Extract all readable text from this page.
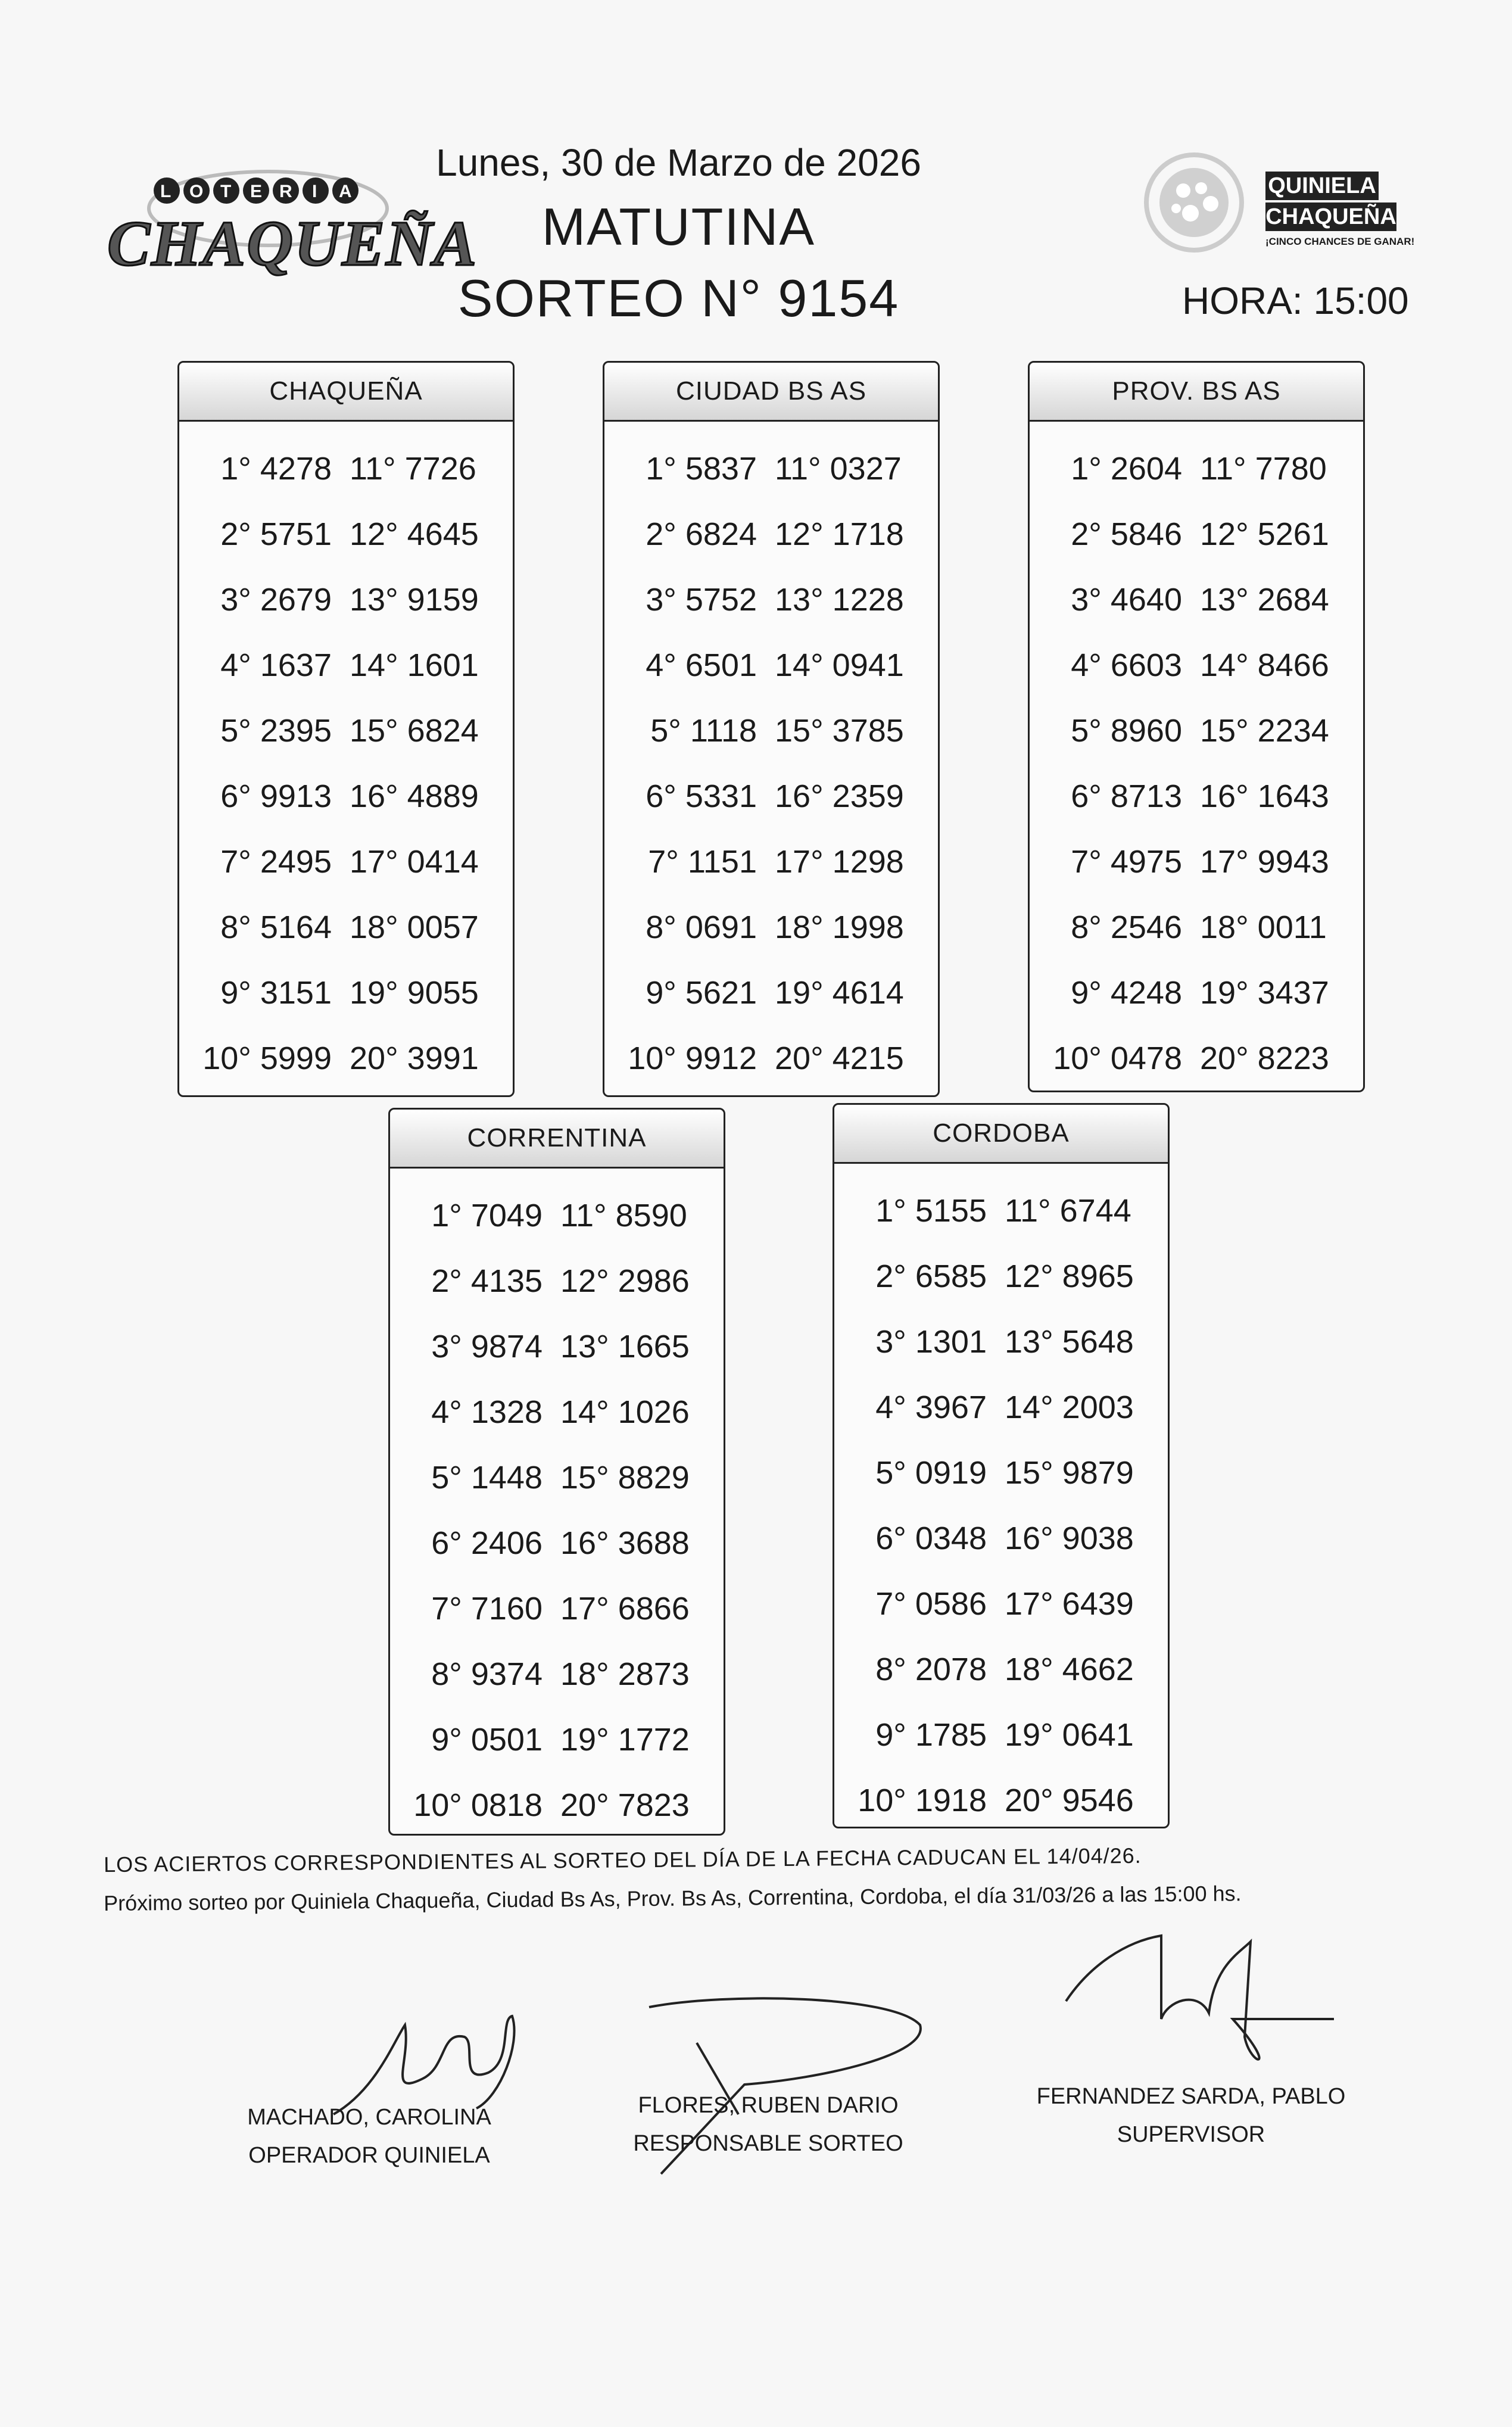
L O T E R I A
CHAQUEÑA
Lunes, 30 de Marzo de 2026
MATUTINA
SORTEO N° 9154	HORA: 15:00
QUINIELA
CHAQUEÑA
¡CINCO CHANCES DE GANAR!
CHAQUEÑA
1° 4278 11° 7726
2° 5751 12° 4645
3° 2679 13° 9159
4° 1637 14° 1601
5° 2395 15° 6824
6° 9913 16° 4889
7° 2495 17° 0414
8° 5164 18° 0057
9° 3151 19° 9055
10° 5999 20° 3991
CIUDAD BS AS
1° 5837 11° 0327
2° 6824 12° 1718
3° 5752 13° 1228
4° 6501 14° 0941
5° 1118 15° 3785
6° 5331 16° 2359
7° 1151 17° 1298
8° 0691 18° 1998
9° 5621 19° 4614
10° 9912 20° 4215
PROV. BS AS
1° 2604 11° 7780
2° 5846 12° 5261
3° 4640 13° 2684
4° 6603 14° 8466
5° 8960 15° 2234
6° 8713 16° 1643
7° 4975 17° 9943
8° 2546 18° 0011
9° 4248 19° 3437
10° 0478 20° 8223
CORRENTINA
1° 7049 11° 8590
2° 4135 12° 2986
3° 9874 13° 1665
4° 1328 14° 1026
5° 1448 15° 8829
6° 2406 16° 3688
7° 7160 17° 6866
8° 9374 18° 2873
9° 0501 19° 1772
10° 0818 20° 7823
CORDOBA
1° 5155 11° 6744
2° 6585 12° 8965
3° 1301 13° 5648
4° 3967 14° 2003
5° 0919 15° 9879
6° 0348 16° 9038
7° 0586 17° 6439
8° 2078 18° 4662
9° 1785 19° 0641
10° 1918 20° 9546
LOS ACIERTOS CORRESPONDIENTES AL SORTEO DEL DÍA DE LA FECHA CADUCAN EL 14/04/26.
Próximo sorteo por Quiniela Chaqueña, Ciudad Bs As, Prov. Bs As, Correntina, Cordoba, el día 31/03/26 a las 15:00 hs.
MACHADO, CAROLINA
OPERADOR QUINIELA
FLORES, RUBEN DARIO
RESPONSABLE SORTEO
FERNANDEZ SARDA, PABLO
SUPERVISOR
